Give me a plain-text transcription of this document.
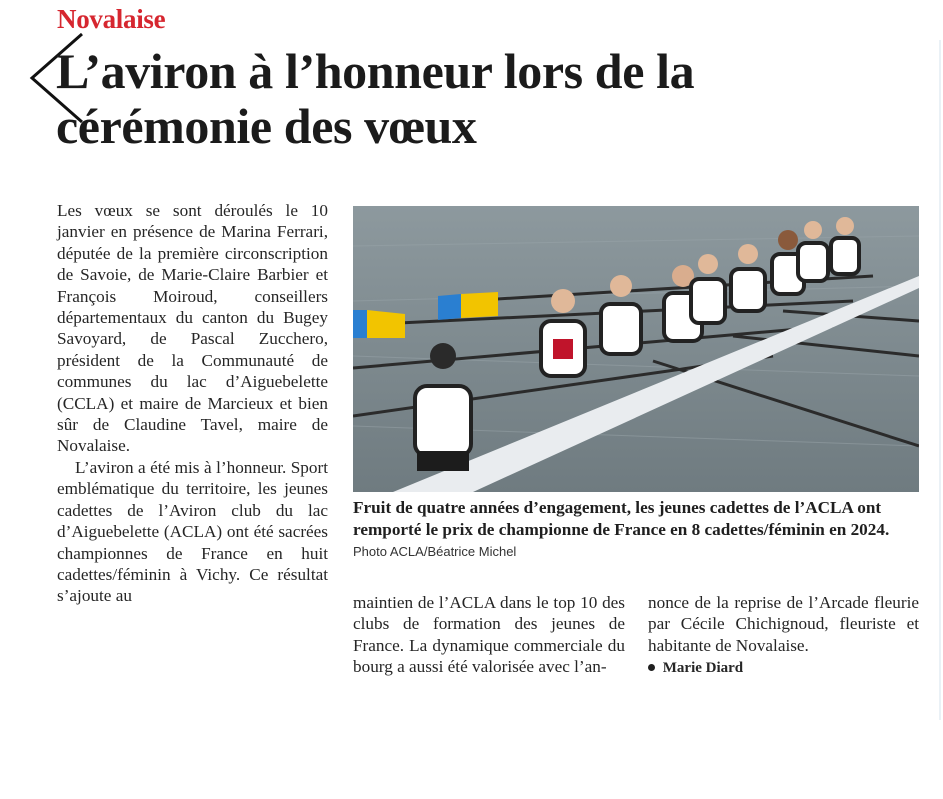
Novalaise
L’aviron à l’honneur lors de la cérémonie des vœux

Les vœux se sont déroulés le 10 janvier en présence de Marina Ferrari, députée de la première circonscription de Savoie, de Marie-Claire Barbier et François Moiroud, conseillers départementaux du canton du Bugey Savoyard, de Pascal Zucchero, président de la Communauté de communes du lac d’Aiguebelette (CCLA) et maire de Marcieux et bien sûr de Claudine Tavel, maire de Novalaise.

L’aviron a été mis à l’honneur. Sport emblématique du territoire, les jeunes cadettes de l’Aviron club du lac d’Aiguebelette (ACLA) ont été sacrées championnes de France en huit cadettes/féminin à Vichy. Ce résultat s’ajoute au

Fruit de quatre années d’engagement, les jeunes cadettes de l’ACLA ont remporté le prix de championne de France en 8 cadettes/féminin en 2024. Photo ACLA/Béatrice Michel

maintien de l’ACLA dans le top 10 des clubs de formation des jeunes de France. La dynamique commerciale du bourg a aussi été valorisée avec l’an-

nonce de la reprise de l’Arcade fleurie par Cécile Chichignoud, fleuriste et habitante de Novalaise.

Marie Diard
